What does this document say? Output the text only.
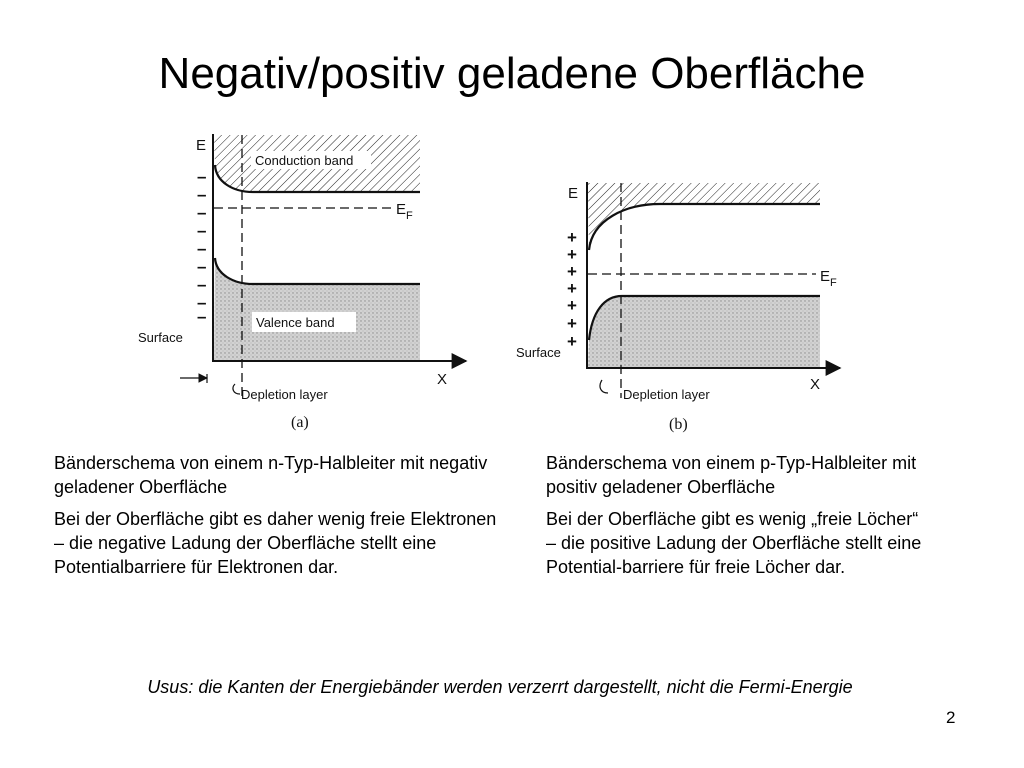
Negativ/positiv geladene Oberfläche
Conduction band
$E_F$
Valence band
E
X
–
–
–
–
–
–
–
–
–
Surface
Depletion layer
(a)
$E_F$
E
X
+
+
+
+
+
+
+
Surface
Depletion layer
(b)

Bänderschema von einem n-Typ-Halbleiter mit negativ geladener Oberfläche

Bei der Oberfläche gibt es daher wenig freie Elektronen – die negative Ladung der Oberfläche stellt eine Potentialbarriere für Elektronen dar.

Bänderschema von einem p-Typ-Halbleiter mit positiv geladener Oberfläche

Bei der Oberfläche gibt es wenig „freie Löcher“ – die positive Ladung der Oberfläche stellt eine Potential-barriere für freie Löcher dar.

Usus: die Kanten der Energiebänder werden verzerrt dargestellt, nicht die Fermi-Energie
2
